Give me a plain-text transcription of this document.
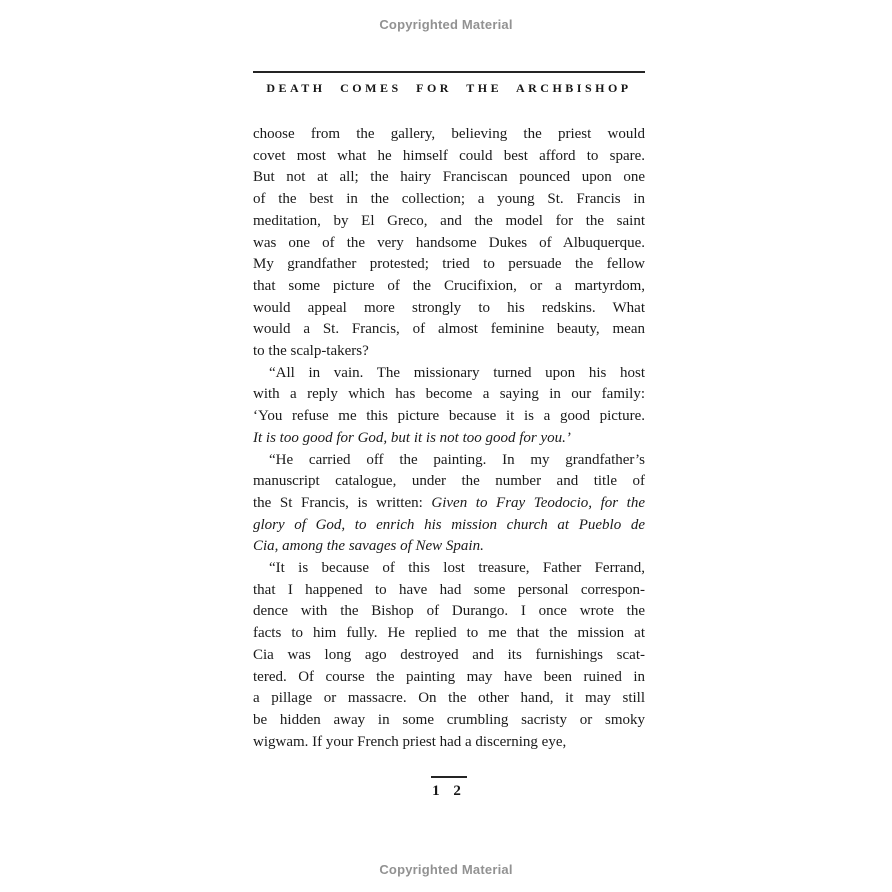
Copyrighted Material
DEATH COMES FOR THE ARCHBISHOP
choose from the gallery, believing the priest would
covet most what he himself could best afford to spare.
But not at all; the hairy Franciscan pounced upon one
of the best in the collection; a young St. Francis in
meditation, by El Greco, and the model for the saint
was one of the very handsome Dukes of Albuquerque.
My grandfather protested; tried to persuade the fellow
that some picture of the Crucifixion, or a martyrdom,
would appeal more strongly to his redskins. What
would a St. Francis, of almost feminine beauty, mean
to the scalp-takers?
“All in vain. The missionary turned upon his host
with a reply which has become a saying in our family:
‘You refuse me this picture because it is a good picture.
It is too good for God, but it is not too good for you.’
“He carried off the painting. In my grandfather’s
manuscript catalogue, under the number and title of
the St Francis, is written: Given to Fray Teodocio, for the
glory of God, to enrich his mission church at Pueblo de
Cia, among the savages of New Spain.
“It is because of this lost treasure, Father Ferrand,
that I happened to have had some personal correspon-
dence with the Bishop of Durango. I once wrote the
facts to him fully. He replied to me that the mission at
Cia was long ago destroyed and its furnishings scat-
tered. Of course the painting may have been ruined in
a pillage or massacre. On the other hand, it may still
be hidden away in some crumbling sacristy or smoky
wigwam. If your French priest had a discerning eye,
1 2
Copyrighted Material
